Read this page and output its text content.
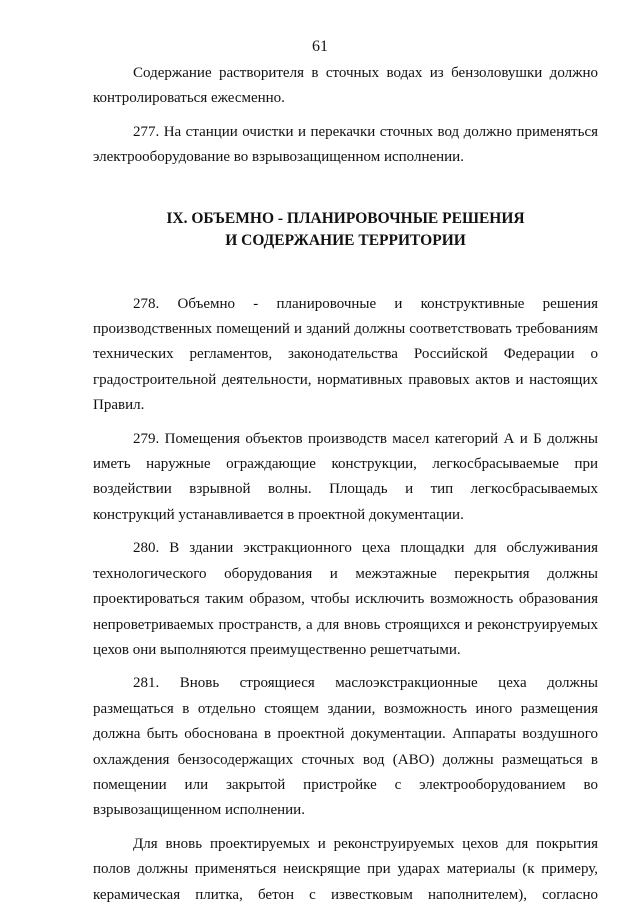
61

Содержание растворителя в сточных водах из бензоловушки должно контролироваться ежесменно.

277. На станции очистки и перекачки сточных вод должно применяться электрооборудование во взрывозащищенном исполнении.

IX. ОБЪЕМНО - ПЛАНИРОВОЧНЫЕ РЕШЕНИЯ
И СОДЕРЖАНИЕ ТЕРРИТОРИИ

278. Объемно - планировочные и конструктивные решения производственных помещений и зданий должны соответствовать требованиям технических регламентов, законодательства Российской Федерации о градостроительной деятельности, нормативных правовых актов и настоящих Правил.

279. Помещения объектов производств масел категорий А и Б должны иметь наружные ограждающие конструкции, легкосбрасываемые при воздействии взрывной волны. Площадь и тип легкосбрасываемых конструкций устанавливается в проектной документации.

280. В здании экстракционного цеха площадки для обслуживания технологического оборудования и межэтажные перекрытия должны проектироваться таким образом, чтобы исключить возможность образования непроветриваемых пространств, а для вновь строящихся и реконструируемых цехов они выполняются преимущественно решетчатыми.

281. Вновь строящиеся маслоэкстракционные цеха должны размещаться в отдельно стоящем здании, возможность иного размещения должна быть обоснована в проектной документации. Аппараты воздушного охлаждения бензосодержащих сточных вод (АВО) должны размещаться в помещении или закрытой пристройке с электрооборудованием во взрывозащищенном исполнении.

Для вновь проектируемых и реконструируемых цехов для покрытия полов должны применяться неискрящие при ударах материалы (к примеру, керамическая плитка, бетон с известковым наполнителем), согласно
